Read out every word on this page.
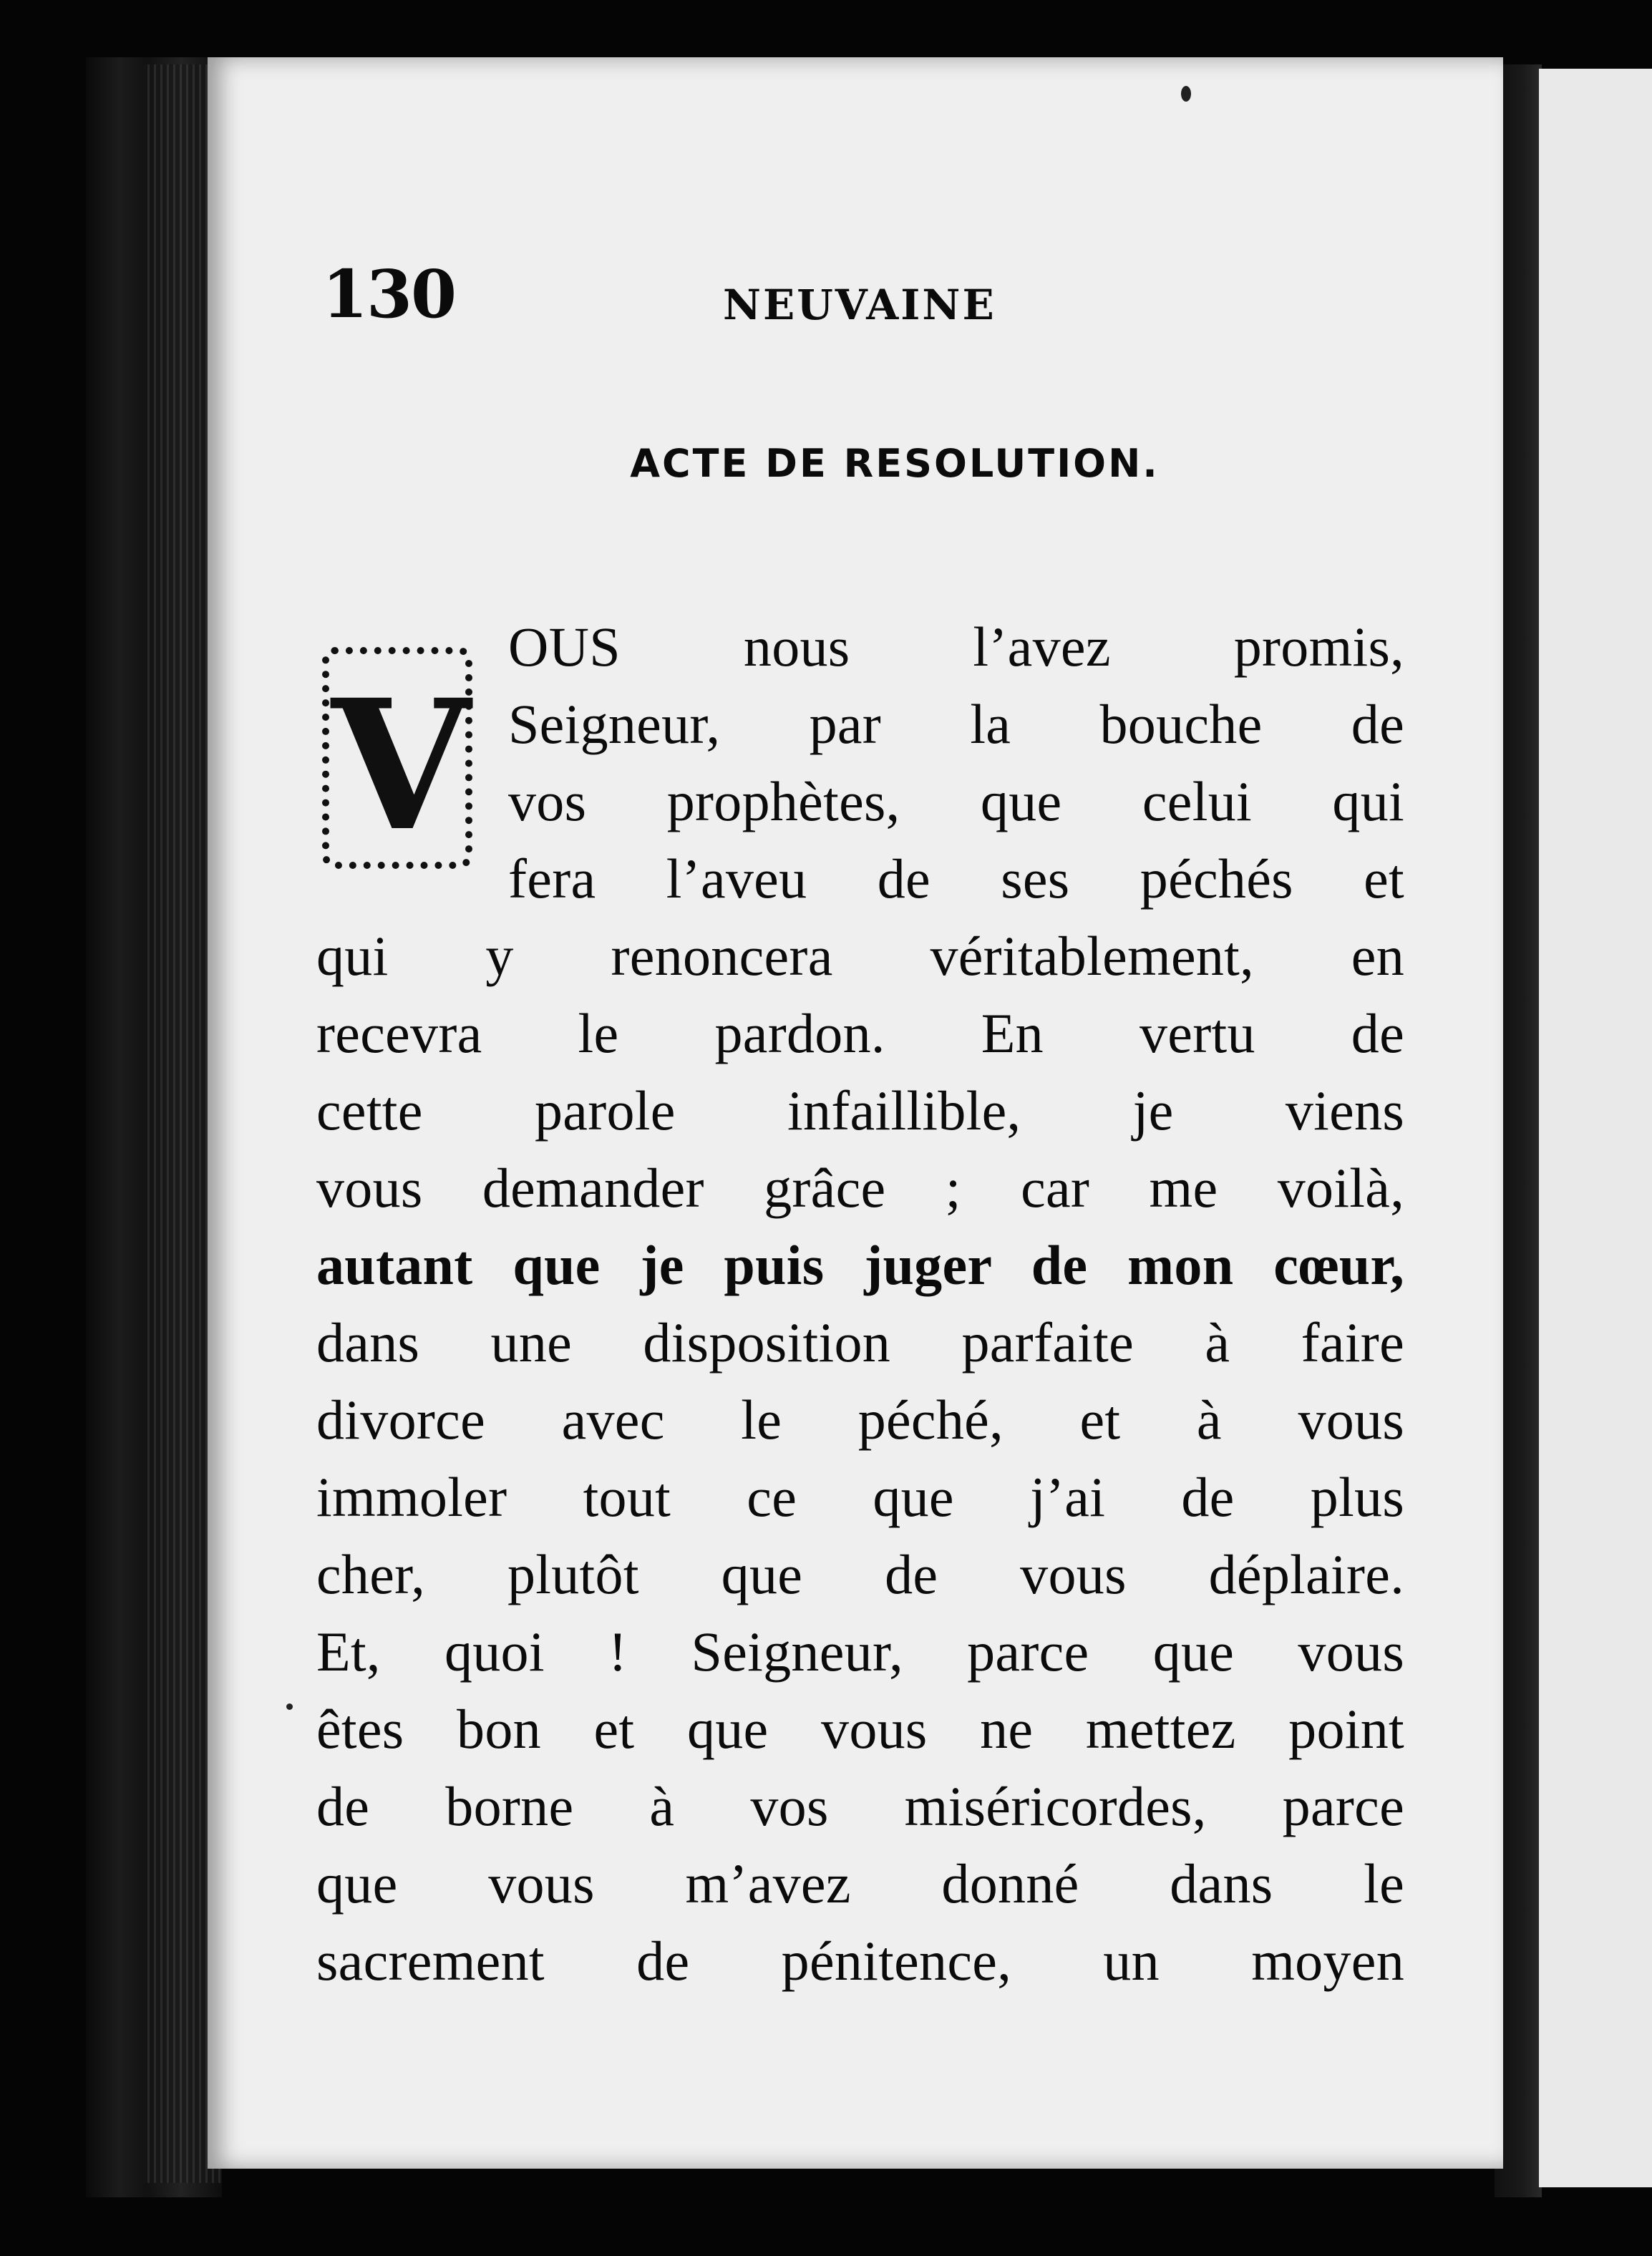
130	NEUVAINE
ACTE DE RESOLUTION.
V
OUS nous l’avez promis,
Seigneur, par la bouche de
vos prophètes, que celui qui
fera l’aveu de ses péchés et
qui y renoncera véritablement, en
recevra le pardon. En vertu de
cette parole infaillible, je viens
vous demander grâce ; car me voilà,
autant que je puis juger de mon cœur,
dans une disposition parfaite à faire
divorce avec le péché, et à vous
immoler tout ce que j’ai de plus
cher, plutôt que de vous déplaire.
Et, quoi ! Seigneur, parce que vous
êtes bon et que vous ne mettez point
de borne à vos miséricordes, parce
que vous m’avez donné dans le
sacrement de pénitence, un moyen
